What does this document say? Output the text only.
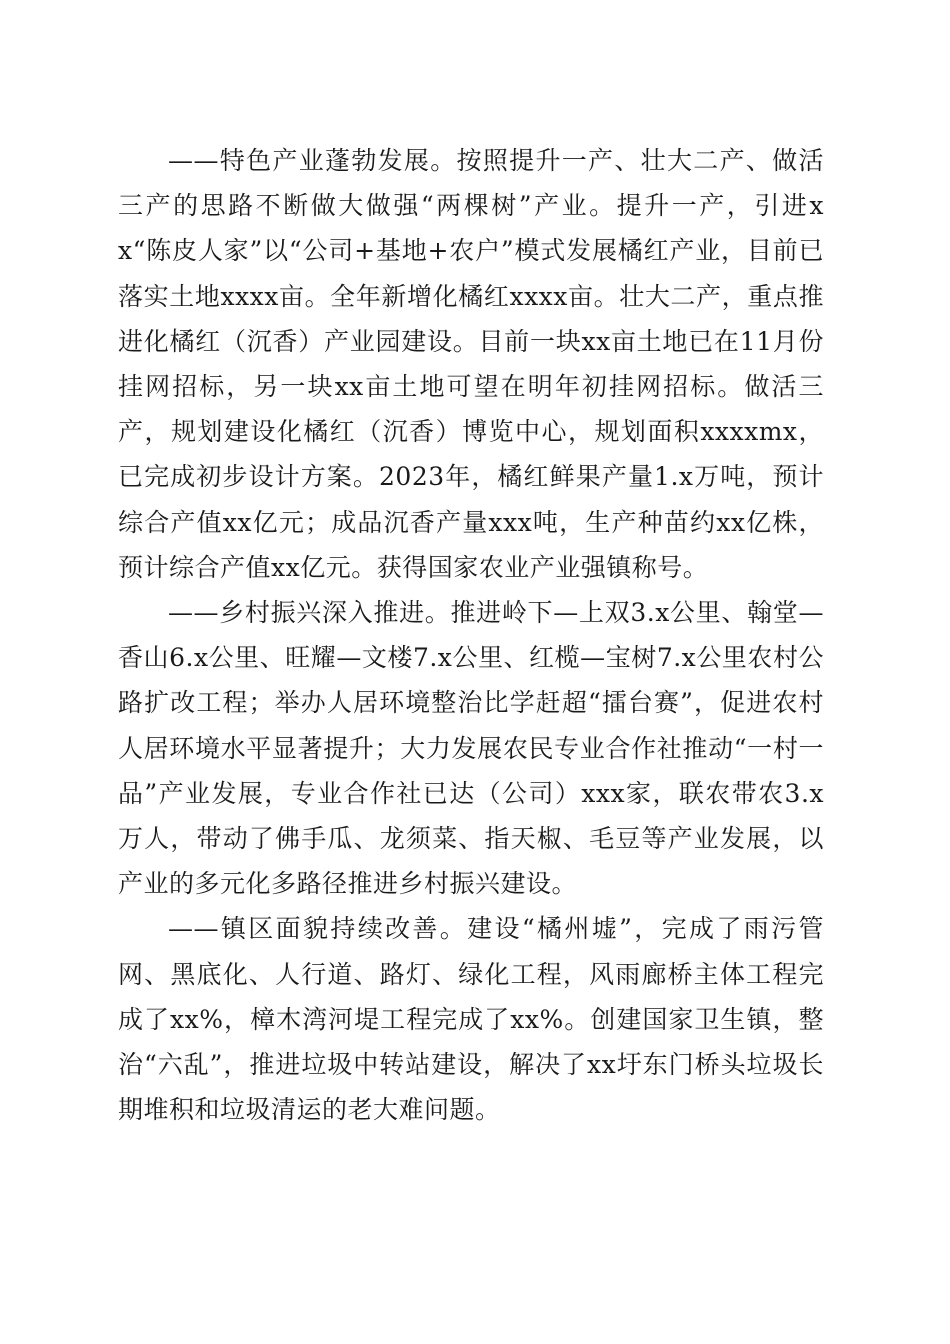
——特色产业蓬勃发展。按照提升一产、壮大二产、做活三产的思路不断做大做强“两棵树”产业。提升一产，引进xx“陈皮人家”以“公司+基地+农户”模式发展橘红产业，目前已落实土地xxxx亩。全年新增化橘红xxxx亩。壮大二产，重点推进化橘红（沉香）产业园建设。目前一块xx亩土地已在11月份挂网招标，另一块xx亩土地可望在明年初挂网招标。做活三产，规划建设化橘红（沉香）博览中心，规划面积xxxxmx，已完成初步设计方案。2023年，橘红鲜果产量1.x万吨，预计综合产值xx亿元；成品沉香产量xxx吨，生产种苗约xx亿株，预计综合产值xx亿元。获得国家农业产业强镇称号。

——乡村振兴深入推进。推进岭下—上双3.x公里、翰堂—香山6.x公里、旺耀—文楼7.x公里、红榄—宝树7.x公里农村公路扩改工程；举办人居环境整治比学赶超“擂台赛”，促进农村人居环境水平显著提升；大力发展农民专业合作社推动“一村一品”产业发展，专业合作社已达（公司）xxx家，联农带农3.x万人，带动了佛手瓜、龙须菜、指天椒、毛豆等产业发展，以产业的多元化多路径推进乡村振兴建设。

——镇区面貌持续改善。建设“橘州墟”，完成了雨污管网、黑底化、人行道、路灯、绿化工程，风雨廊桥主体工程完成了xx%，樟木湾河堤工程完成了xx%。创建国家卫生镇，整治“六乱”，推进垃圾中转站建设，解决了xx圩东门桥头垃圾长期堆积和垃圾清运的老大难问题。
